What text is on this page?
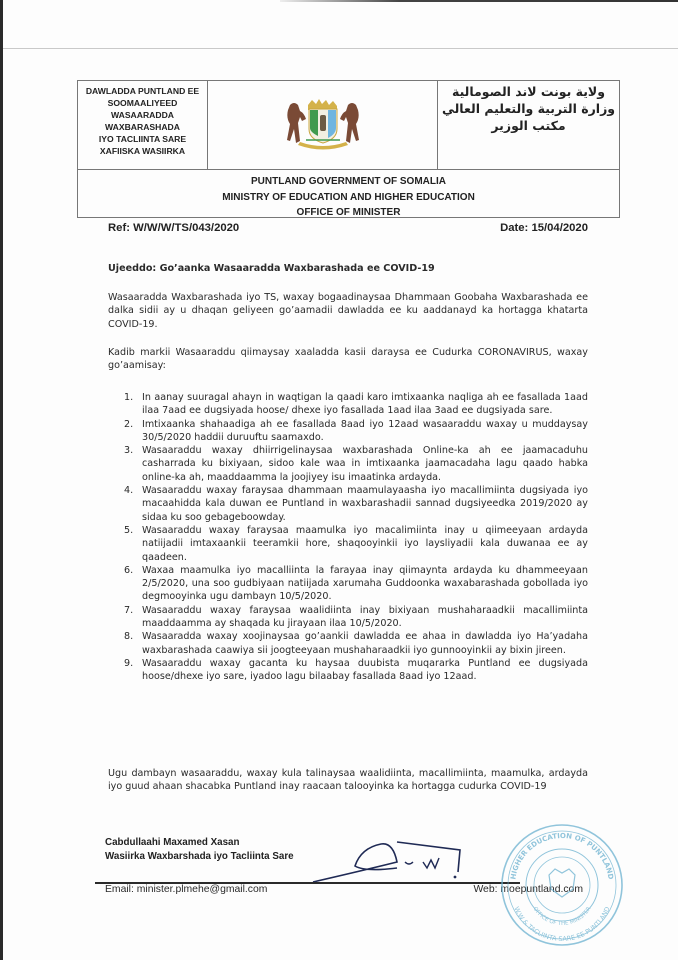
DAWLADDA PUNTLAND EE
SOOMAALIYEED
WASAARADDA WAXBARASHADA
IYO TACLIINTA SARE
XAFIISKA WASIIRKA
ولاية بونت لاند الصومالية
وزارة التربية والتعليم العالي
مكتب الوزير
PUNTLAND GOVERNMENT OF SOMALIA
MINISTRY OF EDUCATION AND HIGHER EDUCATION
OFFICE OF MINISTER
Ref: W/W/W/TS/043/2020	Date: 15/04/2020
Ujeeddo: Go’aanka Wasaaradda Waxbarashada ee COVID-19
Wasaaradda Waxbarashada iyo TS, waxay bogaadinaysaa Dhammaan Goobaha Waxbarashada ee dalka sidii ay u dhaqan geliyeen go’aamadii dawladda ee ku aaddanayd ka hortagga khatarta COVID-19.
Kadib markii Wasaaraddu qiimaysay xaaladda kasii daraysa ee Cudurka CORONAVIRUS, waxay go’aamisay:
1. In aanay suuragal ahayn in waqtigan la qaadi karo imtixaanka naqliga ah ee fasallada 1aad ilaa 7aad ee dugsiyada hoose/ dhexe iyo fasallada 1aad ilaa 3aad ee dugsiyada sare.
2. Imtixaanka shahaadiga ah ee fasallada 8aad iyo 12aad wasaaraddu waxay u muddaysay 30/5/2020 haddii duruuftu saamaxdo.
3. Wasaaraddu waxay dhiirrigelinaysaa waxbarashada Online-ka ah ee jaamacaduhu casharrada ku bixiyaan, sidoo kale waa in imtixaanka jaamacadaha lagu qaado habka online-ka ah, maaddaamma la joojiyey isu imaatinka ardayda.
4. Wasaaraddu waxay faraysaa dhammaan maamulayaasha iyo macallimiinta dugsiyada iyo macaahidda kala duwan ee Puntland in waxbarashadii sannad dugsiyeedka 2019/2020 ay sidaa ku soo gebageboowday.
5. Wasaaraddu waxay faraysaa maamulka iyo macalimiinta inay u qiimeeyaan ardayda natiijadii imtaxaankii teeramkii hore, shaqooyinkii iyo laysliyadii kala duwanaa ee ay qaadeen.
6. Waxaa maamulka iyo macalliinta la farayaa inay qiimaynta ardayda ku dhammeeyaan 2/5/2020, una soo gudbiyaan natiijada xarumaha Guddoonka waxabarashada gobollada iyo degmooyinka ugu dambayn 10/5/2020.
7. Wasaaraddu waxay faraysaa waalidiinta inay bixiyaan mushaharaadkii macallimiinta maaddaamma ay shaqada ku jirayaan ilaa 10/5/2020.
8. Wasaaradda waxay xoojinaysaa go’aankii dawladda ee ahaa in dawladda iyo Ha’yadaha waxbarashada caawiya sii joogteeyaan mushaharaadkii iyo gunnooyinkii ay bixin jireen.
9. Wasaaraddu waxay gacanta ku haysaa duubista muqararka Puntland ee dugsiyada hoose/dhexe iyo sare, iyadoo lagu bilaabay fasallada 8aad iyo 12aad.
Ugu dambayn wasaaraddu, waxay kula talinaysaa waalidiinta, macallimiinta, maamulka, ardayda iyo guud ahaan shacabka Puntland inay raacaan talooyinka ka hortagga cudurka COVID-19
Cabdullaahi Maxamed Xasan
Wasiirka Waxbarshada iyo Tacliinta Sare
Email: minister.plmehe@gmail.com	Web: moepuntland.com
HIGHER EDUCATION OF PUNTLAND
W.W & TACLIINTA SARE EE PUNTLAND
OFFICE OF THE MINISTER
